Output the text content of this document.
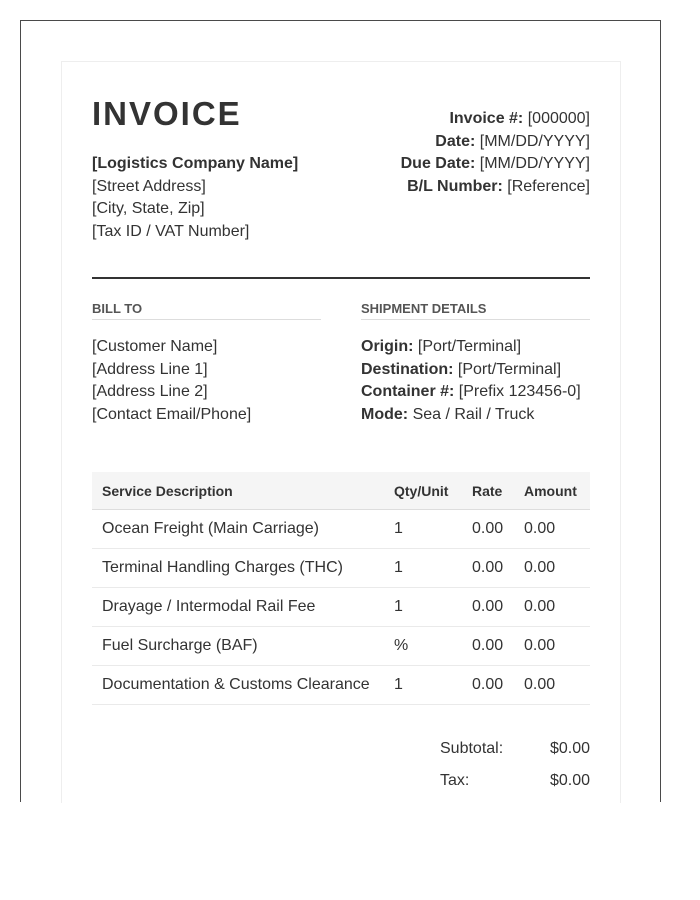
INVOICE
[Logistics Company Name]
[Street Address]
[City, State, Zip]
[Tax ID / VAT Number]
Invoice #: [000000]
Date: [MM/DD/YYYY]
Due Date: [MM/DD/YYYY]
B/L Number: [Reference]
BILL TO
[Customer Name]
[Address Line 1]
[Address Line 2]
[Contact Email/Phone]
SHIPMENT DETAILS
Origin: [Port/Terminal]
Destination: [Port/Terminal]
Container #: [Prefix 123456-0]
Mode: Sea / Rail / Truck
Service Description	Qty/Unit	Rate	Amount
Ocean Freight (Main Carriage)	1	0.00	0.00
Terminal Handling Charges (THC)	1	0.00	0.00
Drayage / Intermodal Rail Fee	1	0.00	0.00
Fuel Surcharge (BAF)	%	0.00	0.00
Documentation & Customs Clearance	1	0.00	0.00
Subtotal:	$0.00
Tax:	$0.00
